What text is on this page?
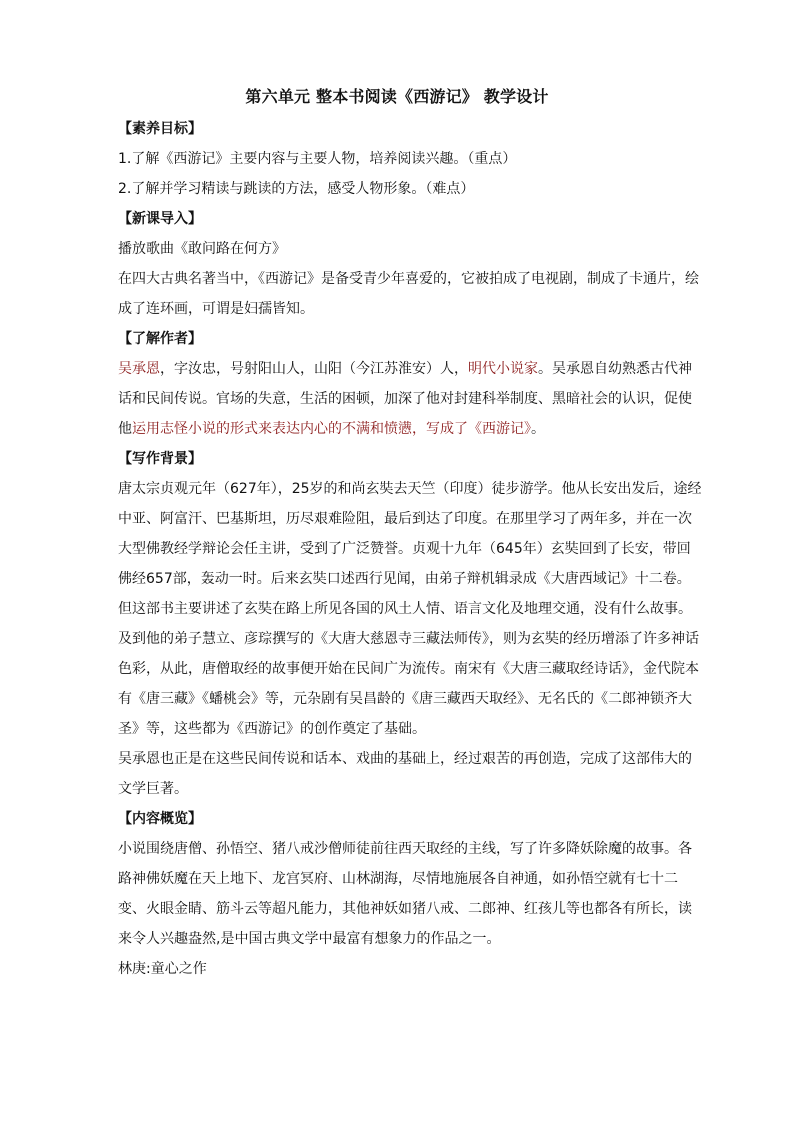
第六单元 整本书阅读《西游记》 教学设计
【素养目标】
1.了解《西游记》主要内容与主要人物，培养阅读兴趣。（重点）
2.了解并学习精读与跳读的方法，感受人物形象。（难点）
【新课导入】
播放歌曲《敢问路在何方》
在四大古典名著当中，《西游记》是备受青少年喜爱的，它被拍成了电视剧，制成了卡通片，绘成了连环画，可谓是妇孺皆知。
【了解作者】
吴承恩，字汝忠，号射阳山人，山阳（今江苏淮安）人，明代小说家。吴承恩自幼熟悉古代神话和民间传说。官场的失意，生活的困顿，加深了他对封建科举制度、黑暗社会的认识，促使他运用志怪小说的形式来表达内心的不满和愤懑，写成了《西游记》。
【写作背景】
唐太宗贞观元年（627年），25岁的和尚玄奘去天竺（印度）徒步游学。他从长安出发后，途经中亚、阿富汗、巴基斯坦，历尽艰难险阻，最后到达了印度。在那里学习了两年多，并在一次大型佛教经学辩论会任主讲，受到了广泛赞誉。贞观十九年（645年）玄奘回到了长安，带回佛经657部，轰动一时。后来玄奘口述西行见闻，由弟子辩机辑录成《大唐西域记》十二卷。
但这部书主要讲述了玄奘在路上所见各国的风土人情、语言文化及地理交通，没有什么故事。及到他的弟子慧立、彦琮撰写的《大唐大慈恩寺三藏法师传》，则为玄奘的经历增添了许多神话色彩，从此，唐僧取经的故事便开始在民间广为流传。南宋有《大唐三藏取经诗话》，金代院本有《唐三藏》《蟠桃会》等，元杂剧有吴昌龄的《唐三藏西天取经》、无名氏的《二郎神锁齐大圣》等，这些都为《西游记》的创作奠定了基础。
吴承恩也正是在这些民间传说和话本、戏曲的基础上，经过艰苦的再创造，完成了这部伟大的文学巨著。
【内容概览】
小说围绕唐僧、孙悟空、猪八戒沙僧师徒前往西天取经的主线，写了许多降妖除魔的故事。各路神佛妖魔在天上地下、龙宫冥府、山林湖海，尽情地施展各自神通，如孙悟空就有七十二变、火眼金睛、筋斗云等超凡能力，其他神妖如猪八戒、二郎神、红孩儿等也都各有所长，读来令人兴趣盎然,是中国古典文学中最富有想象力的作品之一。
林庚:童心之作
